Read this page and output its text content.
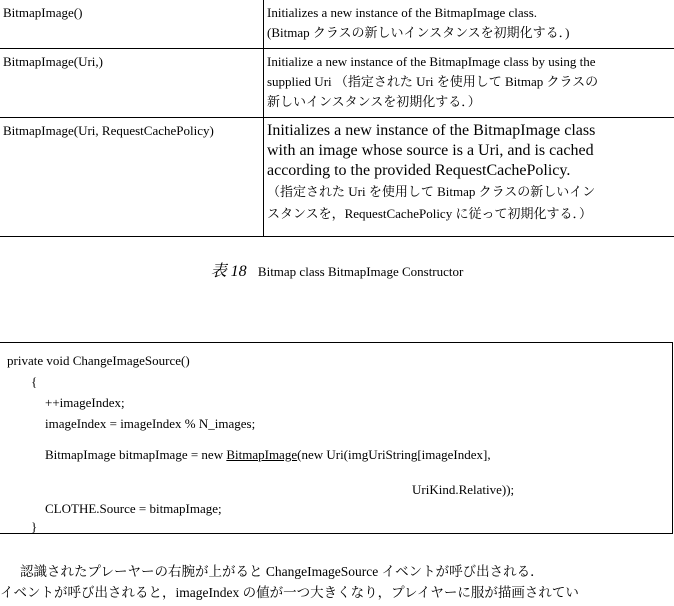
BitmapImage()	Initializes a new instance of the BitmapImage class.
(Bitmap クラスの新しいインスタンスを初期化する．)

BitmapImage(Uri,)	Initialize a new instance of the BitmapImage class by using the
supplied Uri （指定された Uri を使用して Bitmap クラスの
新しいインスタンスを初期化する．）

BitmapImage(Uri, RequestCachePolicy)	Initializes a new instance of the BitmapImage class
with an image whose source is a Uri, and is cached
according to the provided RequestCachePolicy.
（指定された Uri を使用して Bitmap クラスの新しいイン
スタンスを，RequestCachePolicy に従って初期化する．）
表 18 Bitmap class BitmapImage Constructor
private void ChangeImageSource()
{
++imageIndex;
imageIndex = imageIndex % N_images;
BitmapImage bitmapImage = new BitmapImage(new Uri(imgUriString[imageIndex],
UriKind.Relative));
CLOTHE.Source = bitmapImage;
}
認識されたプレーヤーの右腕が上がると ChangeImageSource イベントが呼び出される．
イベントが呼び出されると，imageIndex の値が一つ大きくなり，プレイヤーに服が描画されてい
